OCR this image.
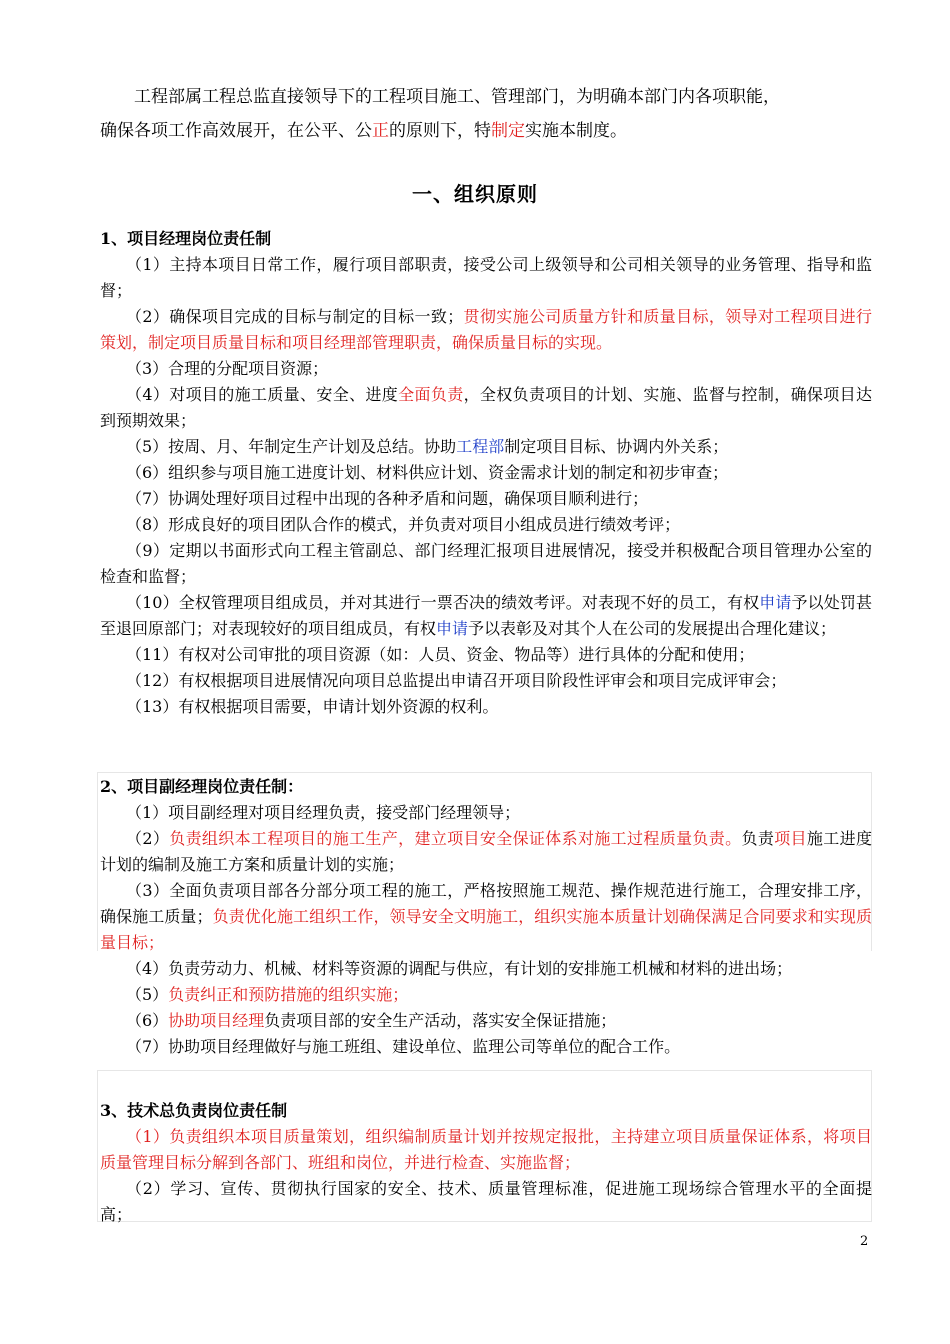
工程部属工程总监直接领导下的工程项目施工、管理部门，为明确本部门内各项职能，

确保各项工作高效展开，在公平、公正的原则下，特制定实施本制度。

一、组织原则
1、项目经理岗位责任制

（1）主持本项目日常工作，履行项目部职责，接受公司上级领导和公司相关领导的业务管理、指导和监督；

（2）确保项目完成的目标与制定的目标一致；贯彻实施公司质量方针和质量目标，领导对工程项目进行策划，制定项目质量目标和项目经理部管理职责，确保质量目标的实现。

（3）合理的分配项目资源；

（4）对项目的施工质量、安全、进度全面负责，全权负责项目的计划、实施、监督与控制，确保项目达到预期效果；

（5）按周、月、年制定生产计划及总结。协助工程部制定项目目标、协调内外关系；

（6）组织参与项目施工进度计划、材料供应计划、资金需求计划的制定和初步审查；

（7）协调处理好项目过程中出现的各种矛盾和问题，确保项目顺利进行；

（8）形成良好的项目团队合作的模式，并负责对项目小组成员进行绩效考评；

（9）定期以书面形式向工程主管副总、部门经理汇报项目进展情况，接受并积极配合项目管理办公室的检查和监督；

（10）全权管理项目组成员，并对其进行一票否决的绩效考评。对表现不好的员工，有权申请予以处罚甚至退回原部门；对表现较好的项目组成员，有权申请予以表彰及对其个人在公司的发展提出合理化建议；

（11）有权对公司审批的项目资源（如：人员、资金、物品等）进行具体的分配和使用；

（12）有权根据项目进展情况向项目总监提出申请召开项目阶段性评审会和项目完成评审会；

（13）有权根据项目需要，申请计划外资源的权利。

2、项目副经理岗位责任制：

（1）项目副经理对项目经理负责，接受部门经理领导；

（2）负责组织本工程项目的施工生产，建立项目安全保证体系对施工过程质量负责。负责项目施工进度计划的编制及施工方案和质量计划的实施；

（3）全面负责项目部各分部分项工程的施工，严格按照施工规范、操作规范进行施工，合理安排工序，确保施工质量；负责优化施工组织工作，领导安全文明施工，组织实施本质量计划确保满足合同要求和实现质量目标；

（4）负责劳动力、机械、材料等资源的调配与供应，有计划的安排施工机械和材料的进出场；

（5）负责纠正和预防措施的组织实施；

（6）协助项目经理负责项目部的安全生产活动，落实安全保证措施；

（7）协助项目经理做好与施工班组、建设单位、监理公司等单位的配合工作。

3、技术总负责岗位责任制

（1）负责组织本项目质量策划，组织编制质量计划并按规定报批，主持建立项目质量保证体系，将项目质量管理目标分解到各部门、班组和岗位，并进行检查、实施监督；

（2）学习、宣传、贯彻执行国家的安全、技术、质量管理标准，促进施工现场综合管理水平的全面提高；

2
